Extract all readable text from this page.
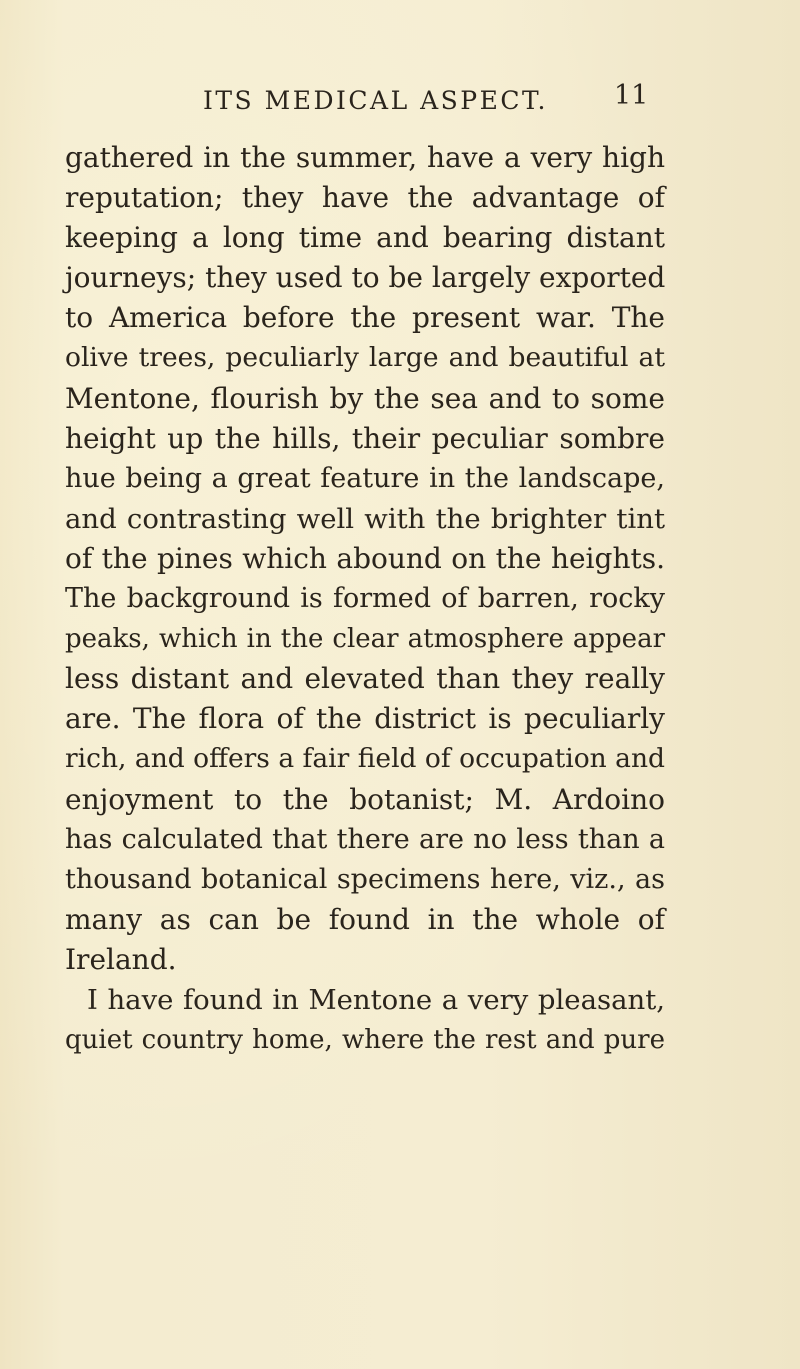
ITS MEDICAL ASPECT. 11
gathered in the summer, have a very high
reputation; they have the advantage of
keeping a long time and bearing distant
journeys; they used to be largely exported
to America before the present war. The
olive trees, peculiarly large and beautiful at
Mentone, flourish by the sea and to some
height up the hills, their peculiar sombre
hue being a great feature in the landscape,
and contrasting well with the brighter tint
of the pines which abound on the heights.
The background is formed of barren, rocky
peaks, which in the clear atmosphere appear
less distant and elevated than they really
are. The flora of the district is peculiarly
rich, and offers a fair field of occupation and
enjoyment to the botanist; M. Ardoino
has calculated that there are no less than a
thousand botanical specimens here, viz., as
many as can be found in the whole of
Ireland.
I have found in Mentone a very pleasant,
quiet country home, where the rest and pure
